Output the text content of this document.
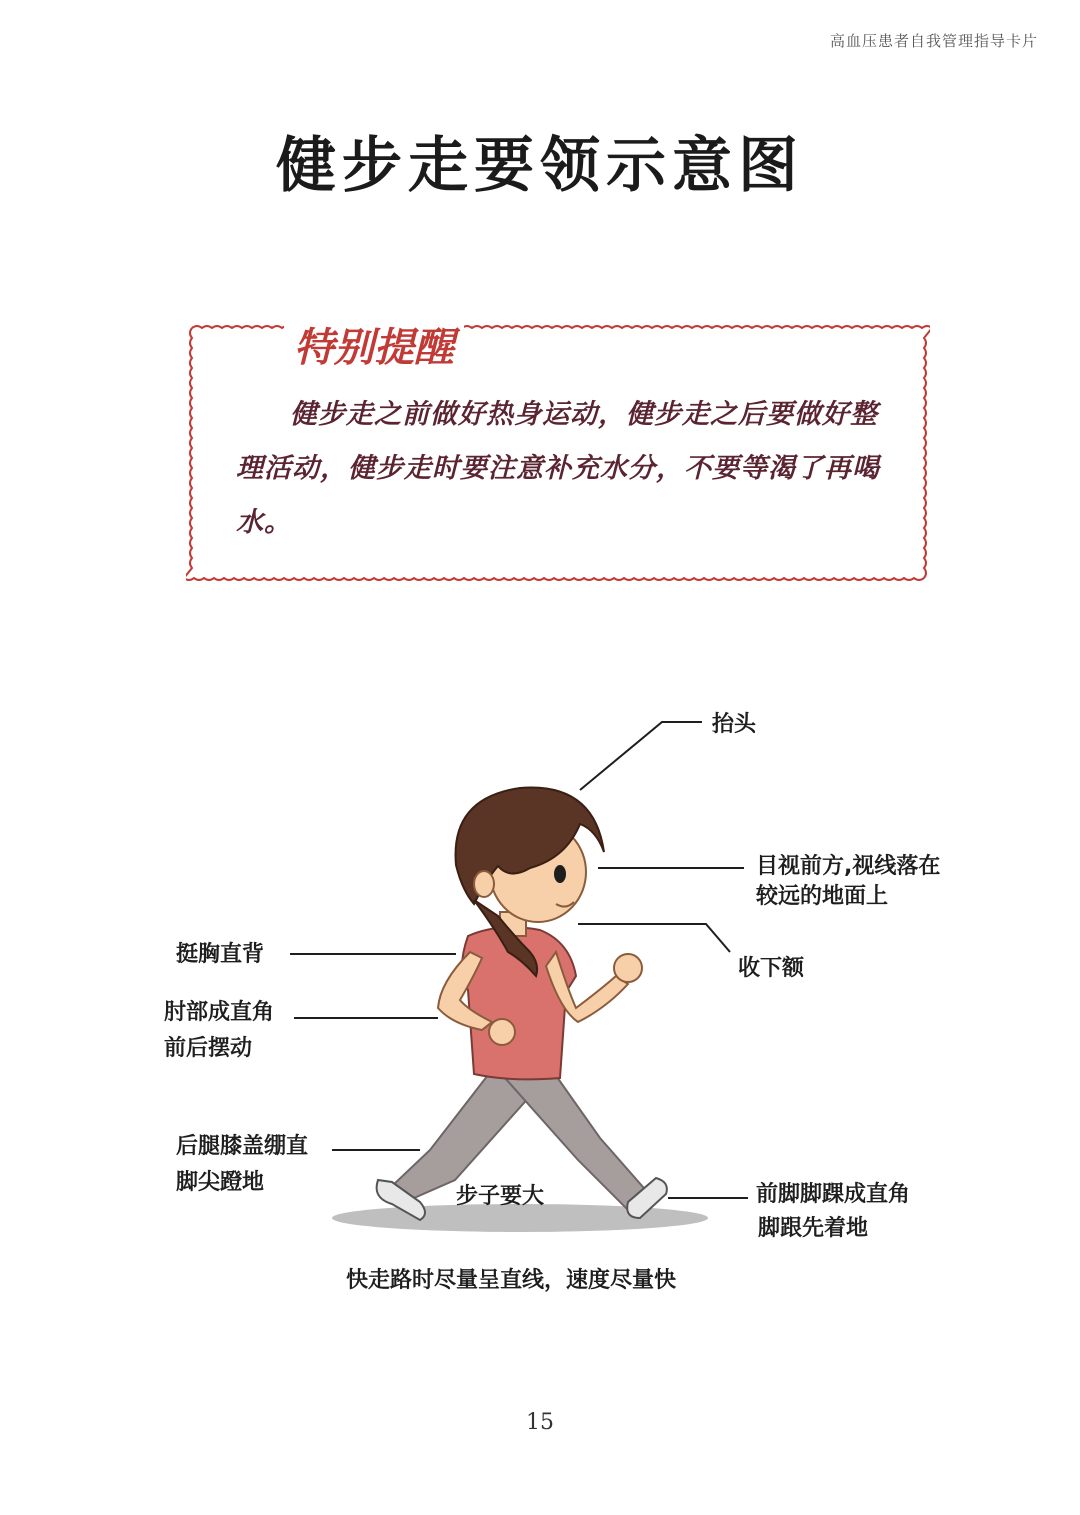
高血压患者自我管理指导卡片
健步走要领示意图
特别提醒
健步走之前做好热身运动，健步走之后要做好整理活动，健步走时要注意补充水分，不要等渴了再喝水。
抬头
目视前方,视线落在
较远的地面上
收下额
挺胸直背
肘部成直角
前后摆动
后腿膝盖绷直
脚尖蹬地
步子要大	前脚脚踝成直角
脚跟先着地
快走路时尽量呈直线，速度尽量快
15
